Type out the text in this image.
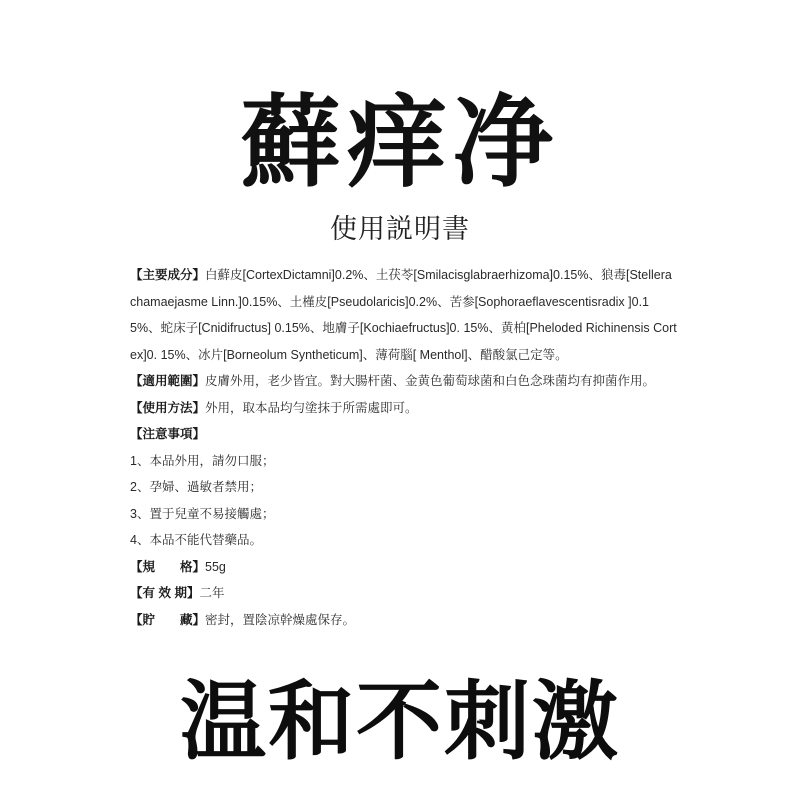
蘚痒净
使用説明書
【主要成分】白蘚皮[CortexDictamni]0.2%、土茯苓[Smilacisglabraerhizoma]0.15%、狼毒[Stellera chamaejasme Linn.]0.15%、土槿皮[Pseudolaricis]0.2%、苦参[Sophoraeflavescentisradix ]0.15%、蛇床子[Cnidifructus] 0.15%、地膚子[Kochiaefructus]0. 15%、黄柏[Pheloded Richinensis Cortex]0. 15%、冰片[Borneolum Syntheticum]、薄荷腦[ Menthol]、醋酸氯己定等。
【適用範圍】皮膚外用，老少皆宜。對大腸杆菌、金黄色葡萄球菌和白色念珠菌均有抑菌作用。
【使用方法】外用，取本品均勻塗抹于所需處即可。
【注意事項】
1、本品外用，請勿口服；
2、孕婦、過敏者禁用；
3、置于兒童不易接觸處；
4、本品不能代替藥品。
【規　　格】55g
【有 效 期】二年
【貯　　藏】密封，置陰凉幹燥處保存。
温和不刺激
